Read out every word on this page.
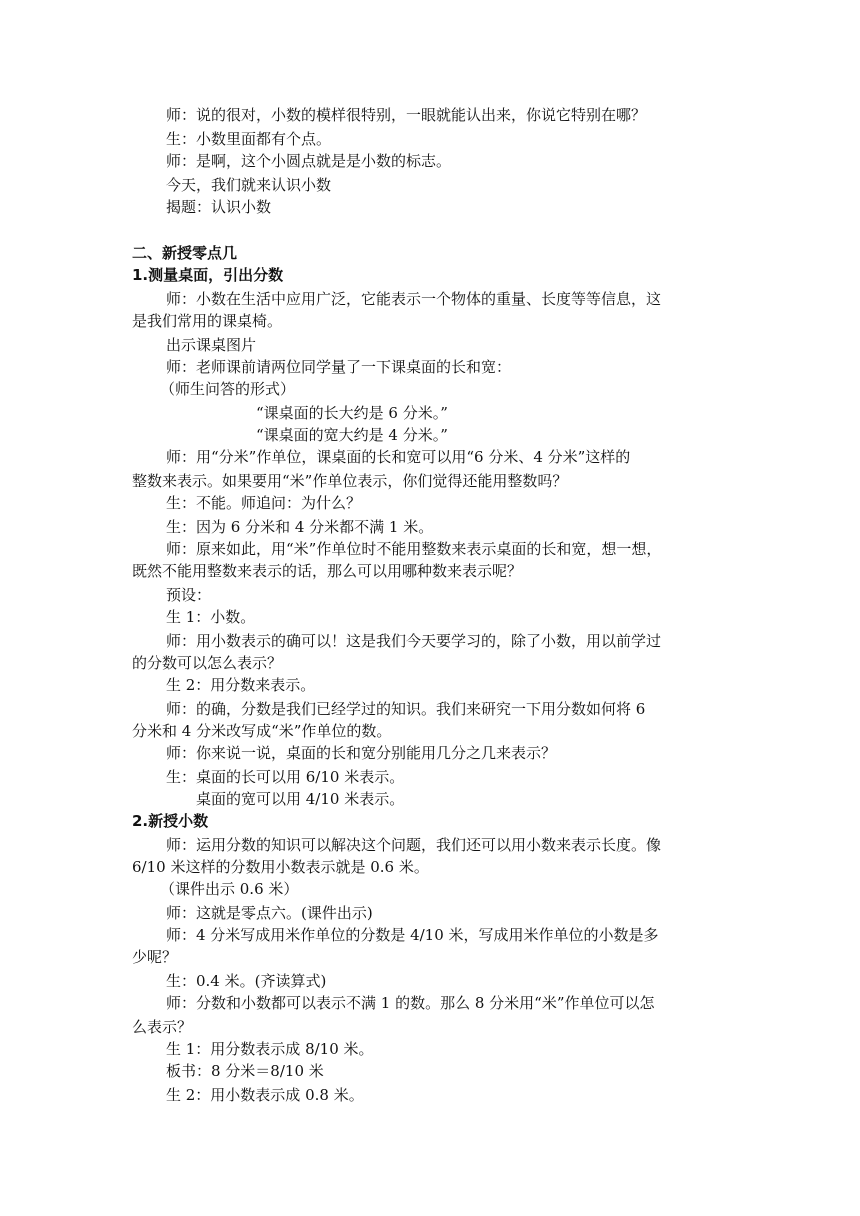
师：说的很对，小数的模样很特别，一眼就能认出来，你说它特别在哪？
生：小数里面都有个点。
师：是啊，这个小圆点就是是小数的标志。
今天，我们就来认识小数
揭题：认识小数
二、新授零点几
1.测量桌面，引出分数
师：小数在生活中应用广泛，它能表示一个物体的重量、长度等等信息，这
是我们常用的课桌椅。
出示课桌图片
师：老师课前请两位同学量了一下课桌面的长和宽：
（师生问答的形式）
“课桌面的长大约是 6 分米。”
“课桌面的宽大约是 4 分米。”
师：用“分米”作单位，课桌面的长和宽可以用“6 分米、4 分米”这样的
整数来表示。如果要用“米”作单位表示，你们觉得还能用整数吗？
生：不能。师追问：为什么？
生：因为 6 分米和 4 分米都不满 1 米。
师：原来如此，用“米”作单位时不能用整数来表示桌面的长和宽，想一想，
既然不能用整数来表示的话，那么可以用哪种数来表示呢？
预设：
生 1：小数。
师：用小数表示的确可以！这是我们今天要学习的，除了小数，用以前学过
的分数可以怎么表示？
生 2：用分数来表示。
师：的确，分数是我们已经学过的知识。我们来研究一下用分数如何将 6
分米和 4 分米改写成“米”作单位的数。
师：你来说一说，桌面的长和宽分别能用几分之几来表示？
生：桌面的长可以用 6/10 米表示。
桌面的宽可以用 4/10 米表示。
2.新授小数
师：运用分数的知识可以解决这个问题，我们还可以用小数来表示长度。像
6/10 米这样的分数用小数表示就是 0.6 米。
（课件出示 0.6 米）
师：这就是零点六。(课件出示)
师：4 分米写成用米作单位的分数是 4/10 米，写成用米作单位的小数是多
少呢？
生：0.4 米。(齐读算式)
师：分数和小数都可以表示不满 1 的数。那么 8 分米用“米”作单位可以怎
么表示？
生 1：用分数表示成 8/10 米。
板书：8 分米＝8/10 米
生 2：用小数表示成 0.8 米。
